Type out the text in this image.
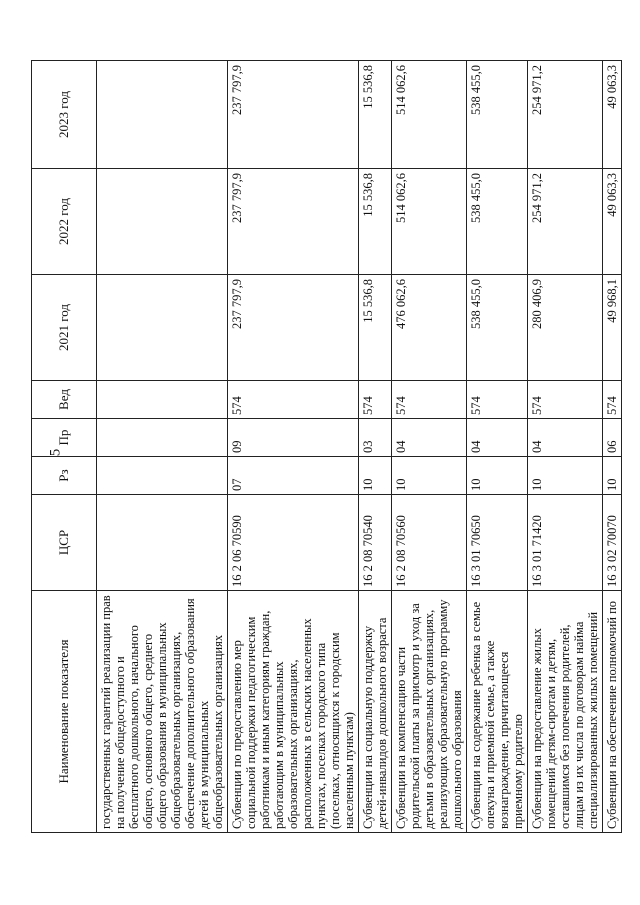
5
Наименование показателя	ЦСР	Рз	Пр	Вед	2021 год	2022 год	2023 год
государственных гарантий реализации прав на получение общедоступного и бесплатного дошкольного, начального общего, основного общего, среднего общего образования в муниципальных общеобразовательных организациях, обеспечение дополнительного образования детей в муниципальных общеобразовательных организациях							
Субвенции по предоставлению мер социальной поддержки педагогическим работникам и иным категориям граждан, работающим в муниципальных образовательных организациях, расположенных в сельских населенных пунктах, поселках городского типа (поселках, относящихся к городским населенным пунктам)	16 2 06 70590	07	09	574	237 797,9	237 797,9	237 797,9
Субвенции на социальную поддержку детей-инвалидов дошкольного возраста	16 2 08 70540	10	03	574	15 536,8	15 536,8	15 536,8
Субвенции на компенсацию части родительской платы за присмотр и уход за детьми в образовательных организациях, реализующих образовательную программу дошкольного образования	16 2 08 70560	10	04	574	476 062,6	514 062,6	514 062,6
Субвенции на содержание ребенка в семье опекуна и приемной семье, а также вознаграждение, причитающееся приемному родителю	16 3 01 70650	10	04	574	538 455,0	538 455,0	538 455,0
Субвенции на предоставление жилых помещений детям-сиротам и детям, оставшимся без попечения родителей, лицам из их числа по договорам найма специализированных жилых помещений	16 3 01 71420	10	04	574	280 406,9	254 971,2	254 971,2
Субвенции на обеспечение полномочий по	16 3 02 70070	10	06	574	49 968,1	49 063,3	49 063,3
